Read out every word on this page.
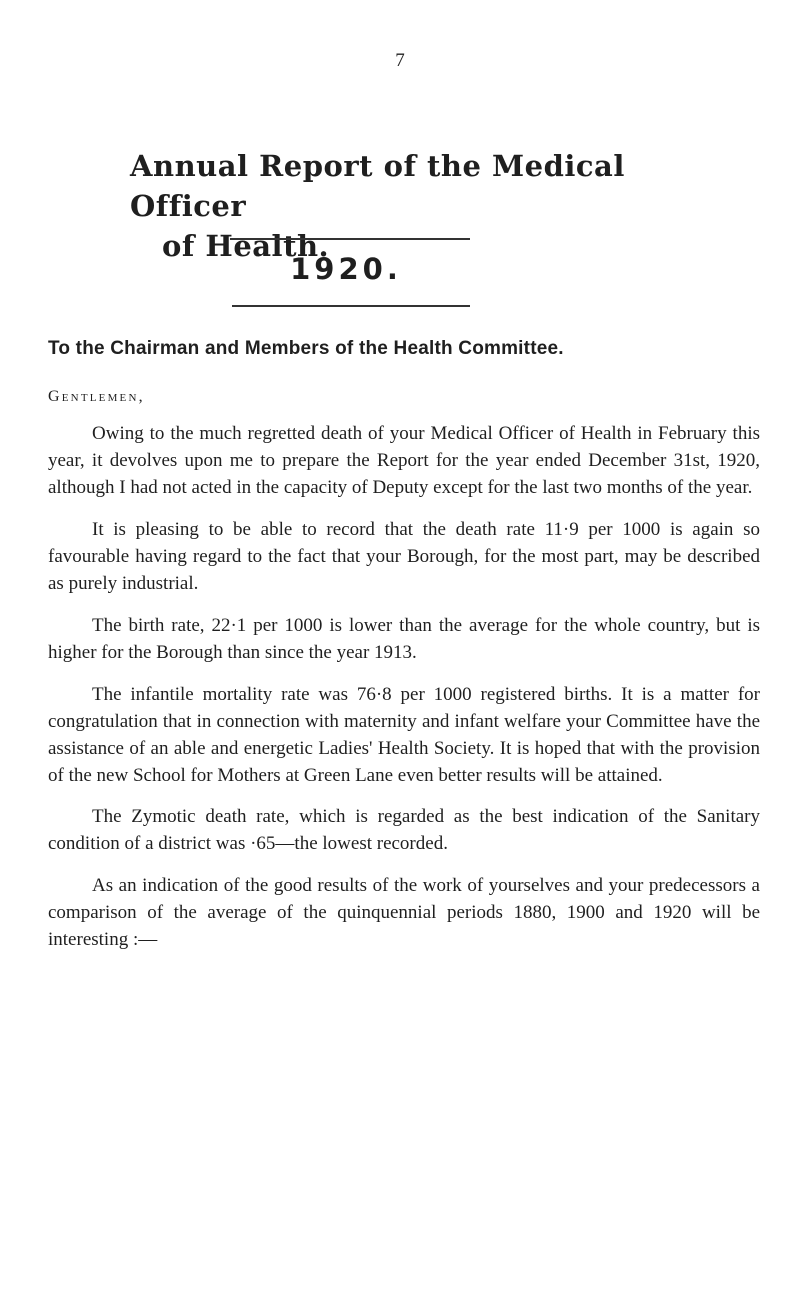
7
Annual Report of the Medical Officer
of Health.
1920.
To the Chairman and Members of the Health Committee.
Gentlemen,

Owing to the much regretted death of your Medical Officer of Health in February this year, it devolves upon me to prepare the Report for the year ended December 31st, 1920, although I had not acted in the capacity of Deputy except for the last two months of the year.

It is pleasing to be able to record that the death rate 11·9 per 1000 is again so favourable having regard to the fact that your Borough, for the most part, may be described as purely industrial.

The birth rate, 22·1 per 1000 is lower than the average for the whole country, but is higher for the Borough than since the year 1913.

The infantile mortality rate was 76·8 per 1000 registered births. It is a matter for congratulation that in connection with maternity and infant welfare your Committee have the assistance of an able and energetic Ladies' Health Society. It is hoped that with the provision of the new School for Mothers at Green Lane even better results will be attained.

The Zymotic death rate, which is regarded as the best indication of the Sanitary condition of a district was ·65—the lowest recorded.

As an indication of the good results of the work of yourselves and your predecessors a comparison of the average of the quinquennial periods 1880, 1900 and 1920 will be interesting :—
